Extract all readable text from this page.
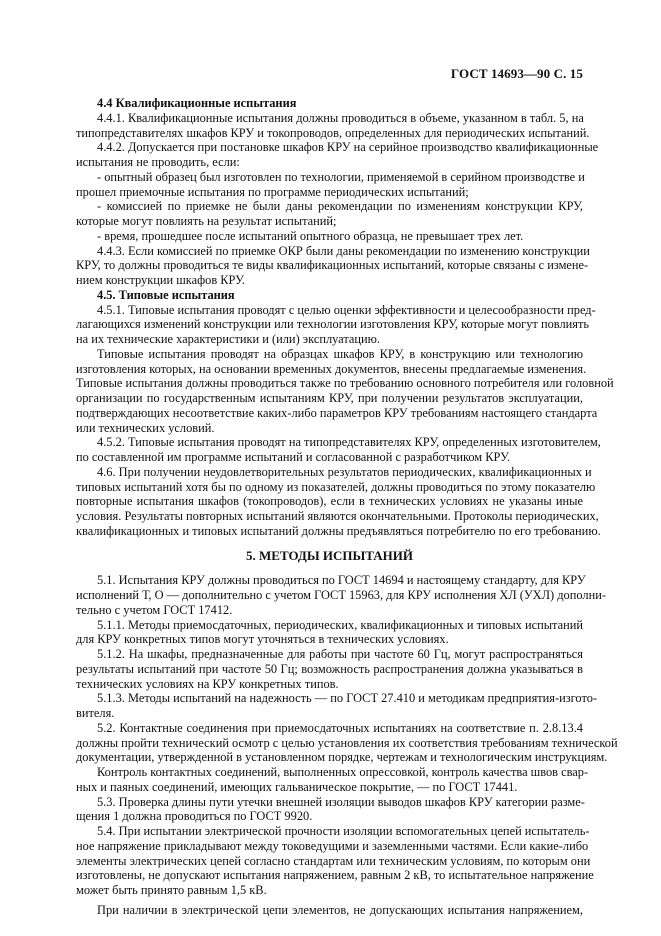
ГОСТ 14693—90 С. 15
4.4 Квалификационные испытания
4.4.1. Квалификационные испытания должны проводиться в объеме, указанном в табл. 5, на
типопредставителях шкафов КРУ и токопроводов, определенных для периодических испытаний.
4.4.2. Допускается при постановке шкафов КРУ на серийное производство квалификационные
испытания не проводить, если:
- опытный образец был изготовлен по технологии, применяемой в серийном производстве и
прошел приемочные испытания по программе периодических испытаний;
- комиссией по приемке не были даны рекомендации по изменениям конструкции КРУ,
которые могут повлиять на результат испытаний;
- время, прошедшее после испытаний опытного образца, не превышает трех лет.
4.4.3. Если комиссией по приемке ОКР были даны рекомендации по изменению конструкции
КРУ, то должны проводиться те виды квалификационных испытаний, которые связаны с измене-
нием конструкции шкафов КРУ.
4.5. Типовые испытания
4.5.1. Типовые испытания проводят с целью оценки эффективности и целесообразности пред-
лагающихся изменений конструкции или технологии изготовления КРУ, которые могут повлиять
на их технические характеристики и (или) эксплуатацию.
Типовые испытания проводят на образцах шкафов КРУ, в конструкцию или технологию
изготовления которых, на основании временных документов, внесены предлагаемые изменения.
Типовые испытания должны проводиться также по требованию основного потребителя или головной
организации по государственным испытаниям КРУ, при получении результатов эксплуатации,
подтверждающих несоответствие каких-либо параметров КРУ требованиям настоящего стандарта
или технических условий.
4.5.2. Типовые испытания проводят на типопредставителях КРУ, определенных изготовителем,
по составленной им программе испытаний и согласованной с разработчиком КРУ.
4.6. При получении неудовлетворительных результатов периодических, квалификационных и
типовых испытаний хотя бы по одному из показателей, должны проводиться по этому показателю
повторные испытания шкафов (токопроводов), если в технических условиях не указаны иные
условия. Результаты повторных испытаний являются окончательными. Протоколы периодических,
квалификационных и типовых испытаний должны предъявляться потребителю по его требованию.
5. МЕТОДЫ ИСПЫТАНИЙ
5.1. Испытания КРУ должны проводиться по ГОСТ 14694 и настоящему стандарту, для КРУ
исполнений Т, О — дополнительно с учетом ГОСТ 15963, для КРУ исполнения ХЛ (УХЛ) дополни-
тельно с учетом ГОСТ 17412.
5.1.1. Методы приемосдаточных, периодических, квалификационных и типовых испытаний
для КРУ конкретных типов могут уточняться в технических условиях.
5.1.2. На шкафы, предназначенные для работы при частоте 60 Гц, могут распространяться
результаты испытаний при частоте 50 Гц; возможность распространения должна указываться в
технических условиях на КРУ конкретных типов.
5.1.3. Методы испытаний на надежность — по ГОСТ 27.410 и методикам предприятия-изгото-
вителя.
5.2. Контактные соединения при приемосдаточных испытаниях на соответствие п. 2.8.13.4
должны пройти технический осмотр с целью установления их соответствия требованиям технической
документации, утвержденной в установленном порядке, чертежам и технологическим инструкциям.
Контроль контактных соединений, выполненных опрессовкой, контроль качества швов свар-
ных и паяных соединений, имеющих гальваническое покрытие, — по ГОСТ 17441.
5.3. Проверка длины пути утечки внешней изоляции выводов шкафов КРУ категории разме-
щения 1 должна проводиться по ГОСТ 9920.
5.4. При испытании электрической прочности изоляции вспомогательных цепей испытатель-
ное напряжение прикладывают между токоведущими и заземленными частями. Если какие-либо
элементы электрических цепей согласно стандартам или техническим условиям, по которым они
изготовлены, не допускают испытания напряжением, равным 2 кВ, то испытательное напряжение
может быть принято равным 1,5 кВ.
При наличии в электрической цепи элементов, не допускающих испытания напряжением,
